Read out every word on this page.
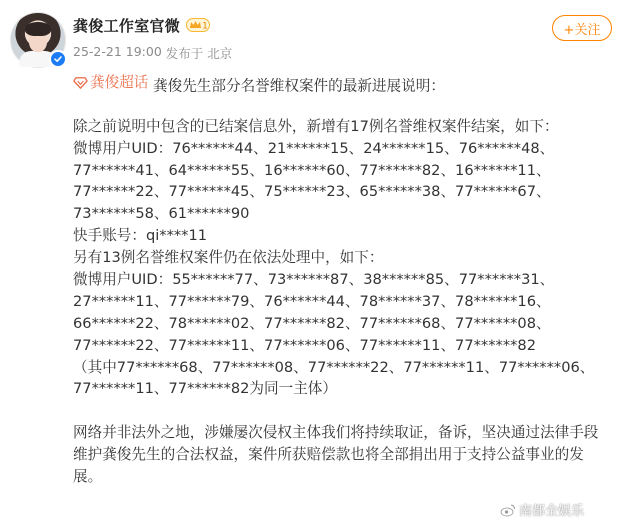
龚俊工作室官微 1
25-2-21 19:00 发布于 北京
+关注
龚俊超话 龚俊先生部分名誉维权案件的最新进展说明：
除之前说明中包含的已结案信息外，新增有17例名誉维权案件结案，如下：
微博用户UID：76******44、21******15、24******15、76******48、
77******41、64******55、16******60、77******82、16******11、
77******22、77******45、75******23、65******38、77******67、
73******58、61******90
快手账号：qi****11
另有13例名誉维权案件仍在依法处理中，如下：
微博用户UID：55******77、73******87、38******85、77******31、
27******11、77******79、76******44、78******37、78******16、
66******22、78******02、77******82、77******68、77******08、
77******22、77******11、77******06、77******11、77******82
（其中77******68、77******08、77******22、77******11、77******06、
77******11、77******82为同一主体）
网络并非法外之地，涉嫌屡次侵权主体我们将持续取证，备诉，坚决通过法律手段
维护龚俊先生的合法权益，案件所获赔偿款也将全部捐出用于支持公益事业的发
展。
南都全娱乐
